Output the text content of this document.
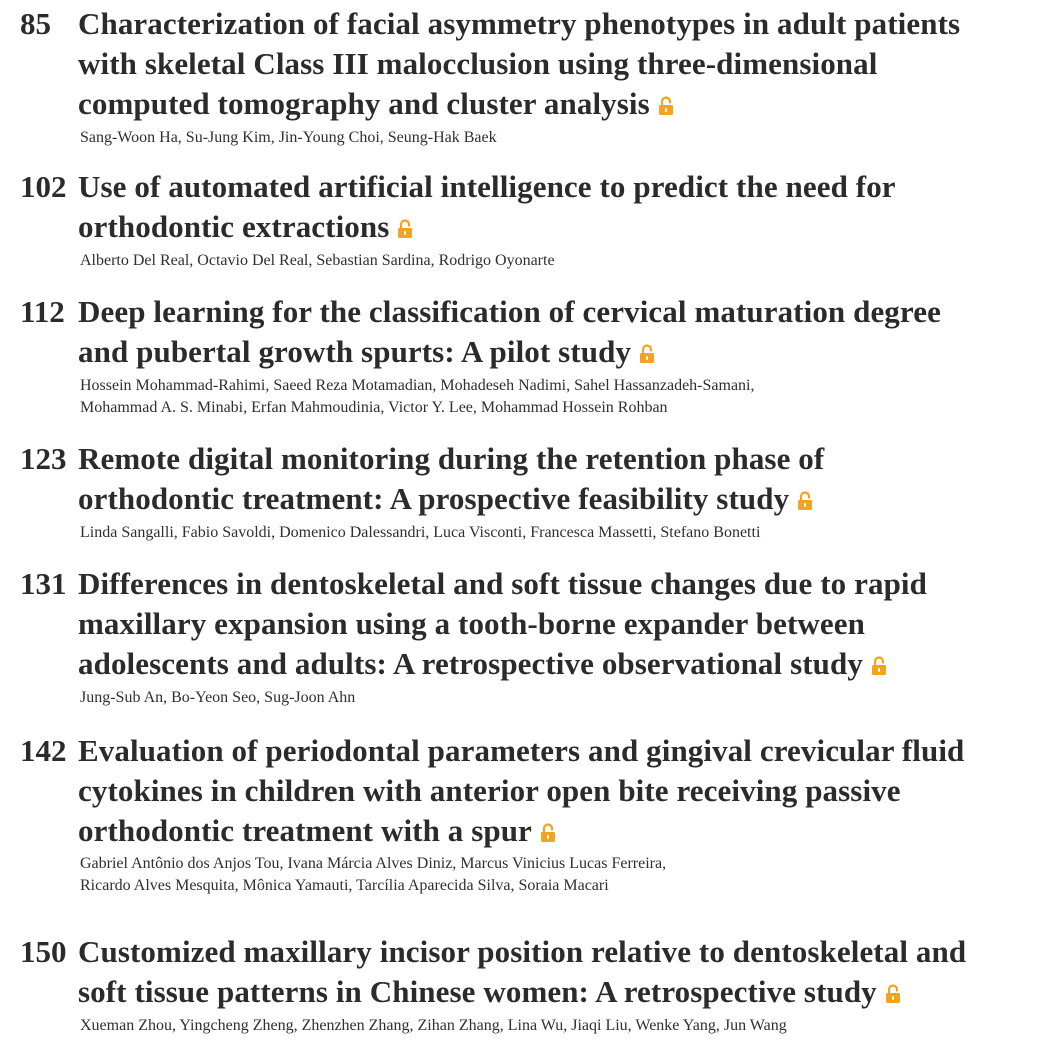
85 Characterization of facial asymmetry phenotypes in adult patients
with skeletal Class III malocclusion using three-dimensional
computed tomography and cluster analysis
Sang-Woon Ha, Su-Jung Kim, Jin-Young Choi, Seung-Hak Baek
102 Use of automated artificial intelligence to predict the need for
orthodontic extractions
Alberto Del Real, Octavio Del Real, Sebastian Sardina, Rodrigo Oyonarte
112 Deep learning for the classification of cervical maturation degree
and pubertal growth spurts: A pilot study
Hossein Mohammad-Rahimi, Saeed Reza Motamadian, Mohadeseh Nadimi, Sahel Hassanzadeh-Samani,
Mohammad A. S. Minabi, Erfan Mahmoudinia, Victor Y. Lee, Mohammad Hossein Rohban
123 Remote digital monitoring during the retention phase of
orthodontic treatment: A prospective feasibility study
Linda Sangalli, Fabio Savoldi, Domenico Dalessandri, Luca Visconti, Francesca Massetti, Stefano Bonetti
131 Differences in dentoskeletal and soft tissue changes due to rapid
maxillary expansion using a tooth-borne expander between
adolescents and adults: A retrospective observational study
Jung-Sub An, Bo-Yeon Seo, Sug-Joon Ahn
142 Evaluation of periodontal parameters and gingival crevicular fluid
cytokines in children with anterior open bite receiving passive
orthodontic treatment with a spur
Gabriel Antônio dos Anjos Tou, Ivana Márcia Alves Diniz, Marcus Vinicius Lucas Ferreira,
Ricardo Alves Mesquita, Mônica Yamauti, Tarcília Aparecida Silva, Soraia Macari
150 Customized maxillary incisor position relative to dentoskeletal and
soft tissue patterns in Chinese women: A retrospective study
Xueman Zhou, Yingcheng Zheng, Zhenzhen Zhang, Zihan Zhang, Lina Wu, Jiaqi Liu, Wenke Yang, Jun Wang
